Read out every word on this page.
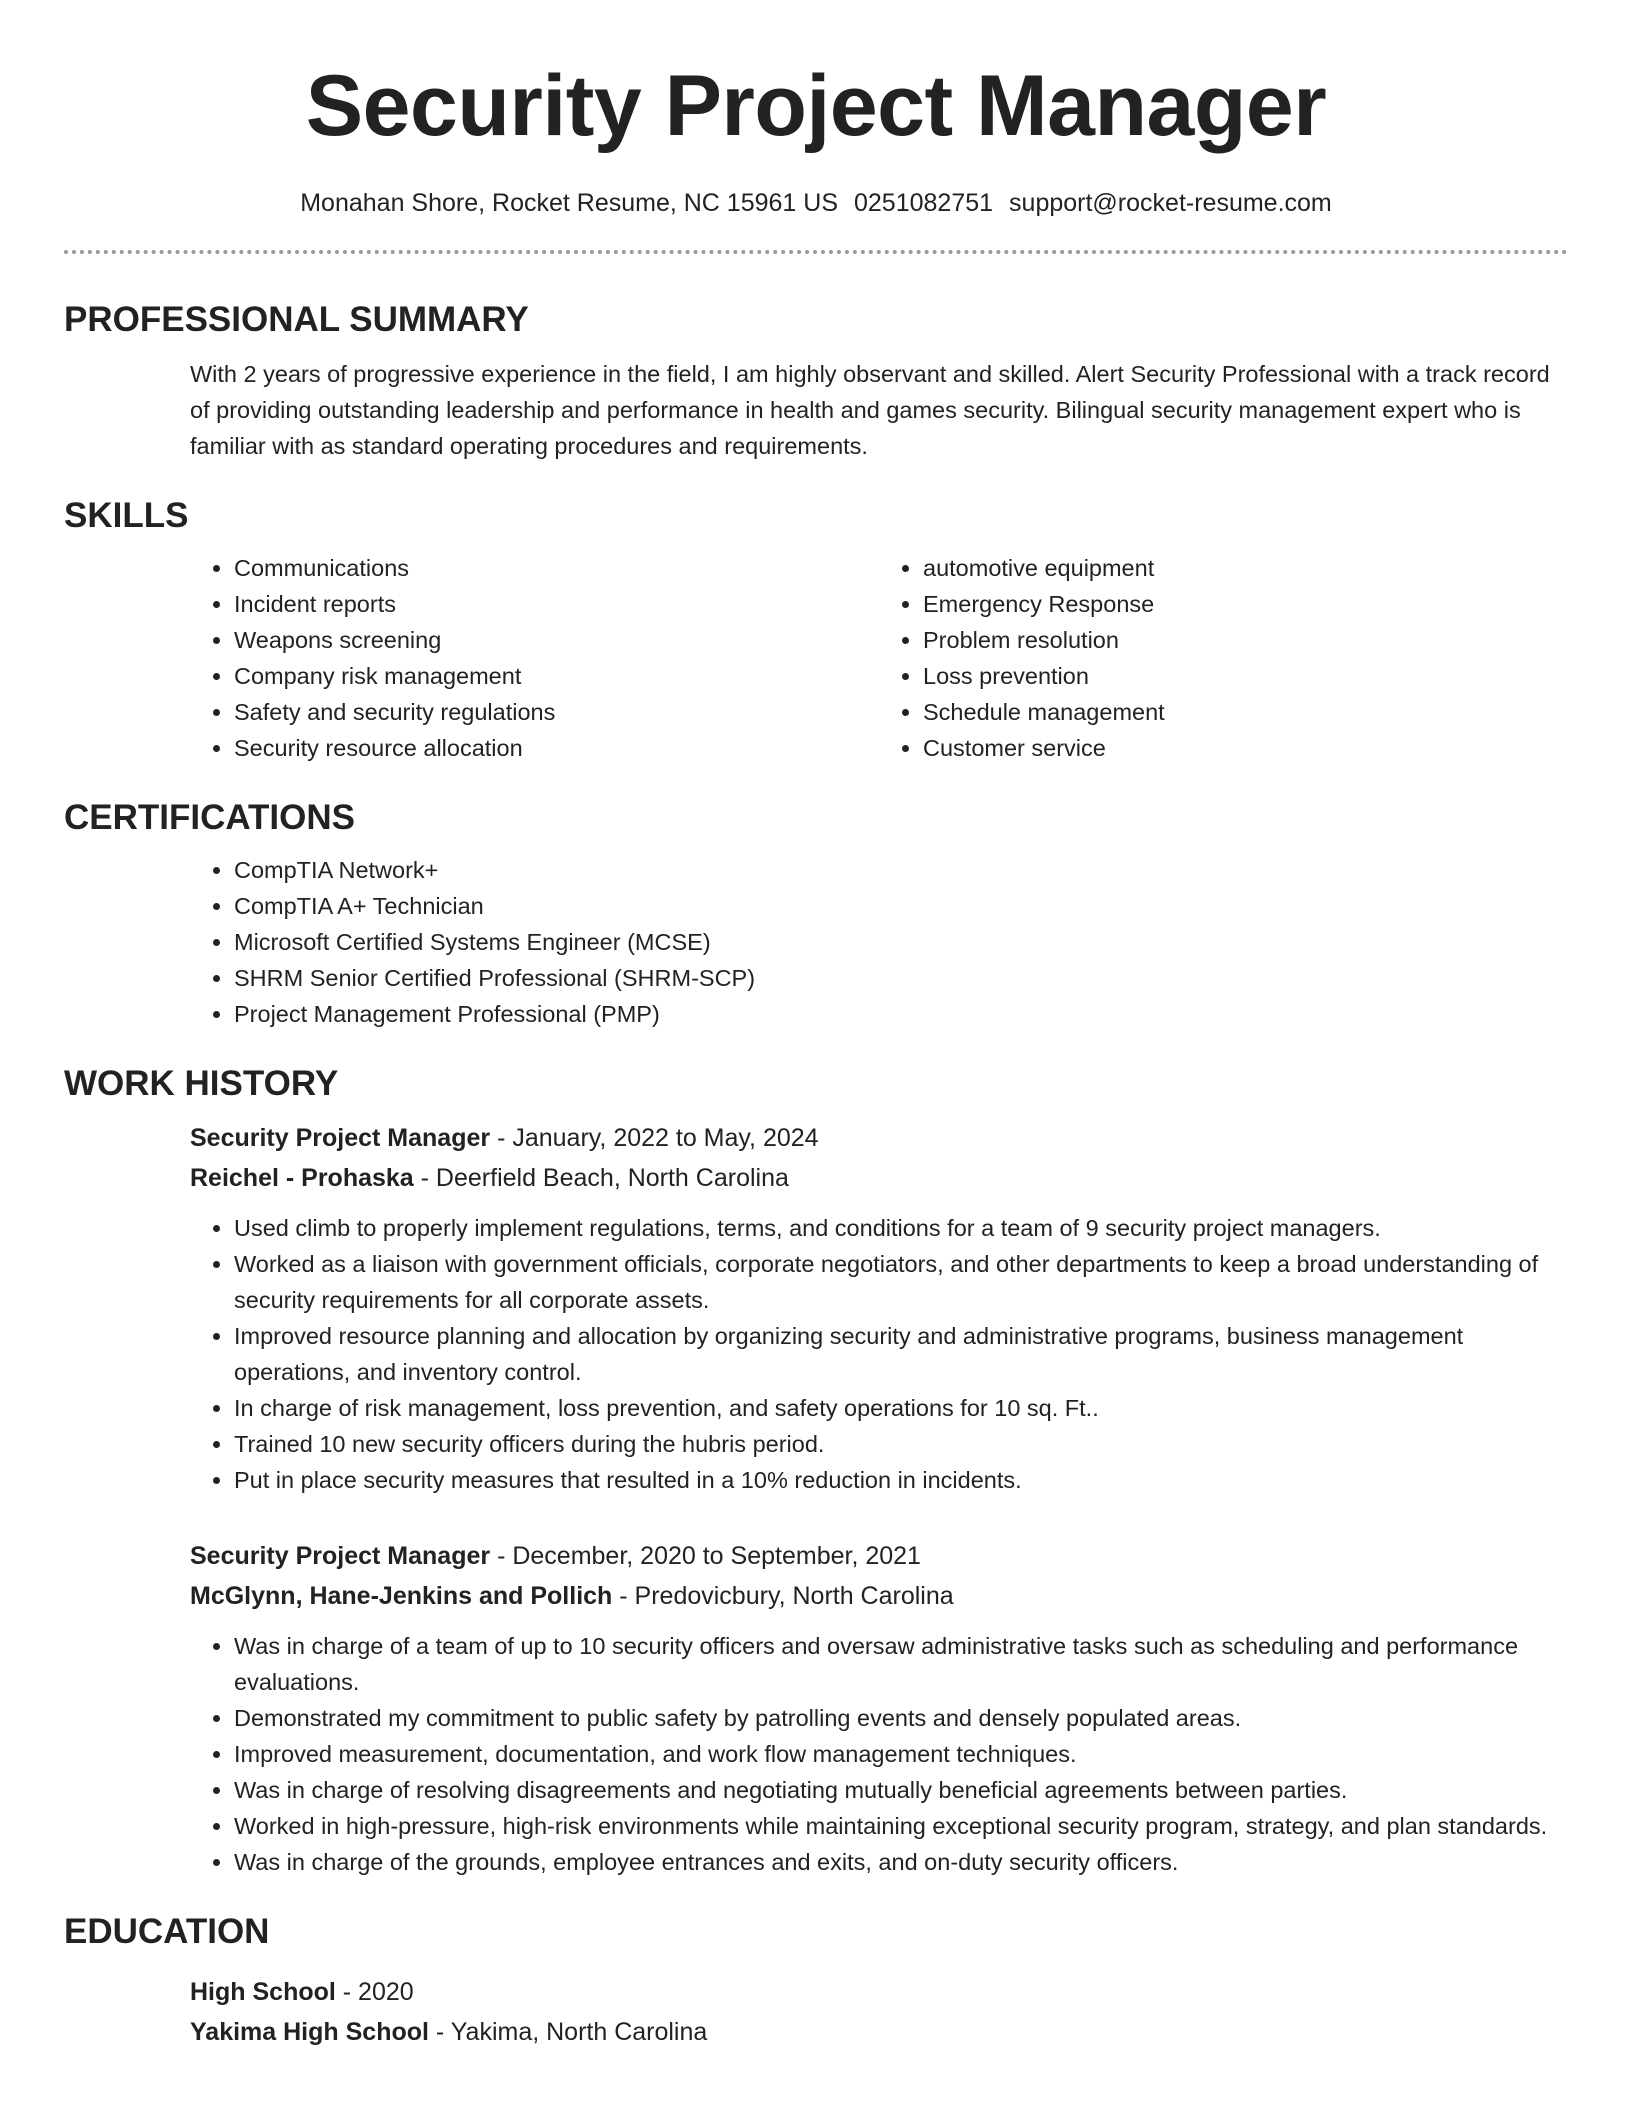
Security Project Manager
Monahan Shore, Rocket Resume, NC 15961 US 0251082751 support@rocket-resume.com
PROFESSIONAL SUMMARY

With 2 years of progressive experience in the field, I am highly observant and skilled. Alert Security Professional with a track record of providing outstanding leadership and performance in health and games security. Bilingual security management expert who is familiar with as standard operating procedures and requirements.

SKILLS
• Communications
• Incident reports
• Weapons screening
• Company risk management
• Safety and security regulations
• Security resource allocation
• automotive equipment
• Emergency Response
• Problem resolution
• Loss prevention
• Schedule management
• Customer service
CERTIFICATIONS
• CompTIA Network+
• CompTIA A+ Technician
• Microsoft Certified Systems Engineer (MCSE)
• SHRM Senior Certified Professional (SHRM-SCP)
• Project Management Professional (PMP)
WORK HISTORY
Security Project Manager - January, 2022 to May, 2024
Reichel - Prohaska - Deerfield Beach, North Carolina
• Used climb to properly implement regulations, terms, and conditions for a team of 9 security project managers.
• Worked as a liaison with government officials, corporate negotiators, and other departments to keep a broad understanding of security requirements for all corporate assets.
• Improved resource planning and allocation by organizing security and administrative programs, business management operations, and inventory control.
• In charge of risk management, loss prevention, and safety operations for 10 sq. Ft..
• Trained 10 new security officers during the hubris period.
• Put in place security measures that resulted in a 10% reduction in incidents.
Security Project Manager - December, 2020 to September, 2021
McGlynn, Hane-Jenkins and Pollich - Predovicbury, North Carolina
• Was in charge of a team of up to 10 security officers and oversaw administrative tasks such as scheduling and performance evaluations.
• Demonstrated my commitment to public safety by patrolling events and densely populated areas.
• Improved measurement, documentation, and work flow management techniques.
• Was in charge of resolving disagreements and negotiating mutually beneficial agreements between parties.
• Worked in high-pressure, high-risk environments while maintaining exceptional security program, strategy, and plan standards.
• Was in charge of the grounds, employee entrances and exits, and on-duty security officers.
EDUCATION
High School - 2020
Yakima High School - Yakima, North Carolina
